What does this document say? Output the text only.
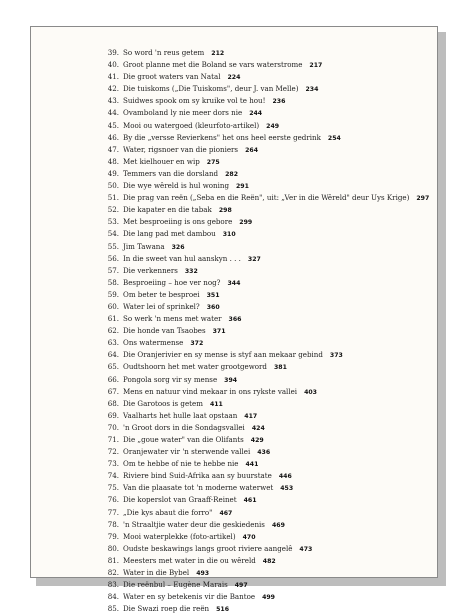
39. So word 'n reus getem 212
40. Groot planne met die Boland se vars waterstrome 217
41. Die groot waters van Natal 224
42. Die tuiskoms („Die Tuiskoms", deur J. van Melle) 234
43. Suidwes spook om sy kruike vol te hou! 236
44. Ovamboland ly nie meer dors nie 244
45. Mooi ou watergoed (kleurfoto-artikel) 249
46. By die „versse Revierkens" het ons heel eerste gedrink 254
47. Water, rigsnoer van die pioniers 264
48. Met kielhouer en wip 275
49. Temmers van die dorsland 282
50. Die wye wêreld is hul woning 291
51. Die prag van reën („Seba en die Reën", uit: „Ver in die Wêreld" deur Uys Krige) 297
52. Die kapater en die tabak 298
53. Met besproeiing is ons gebore 299
54. Die lang pad met dambou 310
55. Jim Tawana 326
56. In die sweet van hul aanskyn . . . 327
57. Die verkenners 332
58. Besproeiing – hoe ver nog? 344
59. Om beter te besproei 351
60. Water lei of sprinkel? 360
61. So werk 'n mens met water 366
62. Die honde van Tsaobes 371
63. Ons watermense 372
64. Die Oranjerivier en sy mense is styf aan mekaar gebind 373
65. Oudtshoorn het met water grootgeword 381
66. Pongola sorg vir sy mense 394
67. Mens en natuur vind mekaar in ons rykste vallei 403
68. Die Garotoos is getem 411
69. Vaalharts het hulle laat opstaan 417
70. 'n Groot dors in die Sondagsvallei 424
71. Die „goue water" van die Olifants 429
72. Oranjewater vir 'n sterwende vallei 436
73. Om te hebbe of nie te hebbe nie 441
74. Riviere bind Suid-Afrika aan sy buurstate 446
75. Van die plaasate tot 'n moderne waterwet 453
76. Die koperslot van Graaff-Reinet 461
77. „Die kys abaut die forro" 467
78. 'n Straaltjie water deur die geskiedenis 469
79. Mooi waterplekke (foto-artikel) 470
80. Oudste beskawings langs groot riviere aangelê 473
81. Meesters met water in die ou wêreld 482
82. Water in die Bybel 493
83. Die reënbul – Eugène Marais 497
84. Water en sy betekenis vir die Bantoe 499
85. Die Swazi roep die reën 516
